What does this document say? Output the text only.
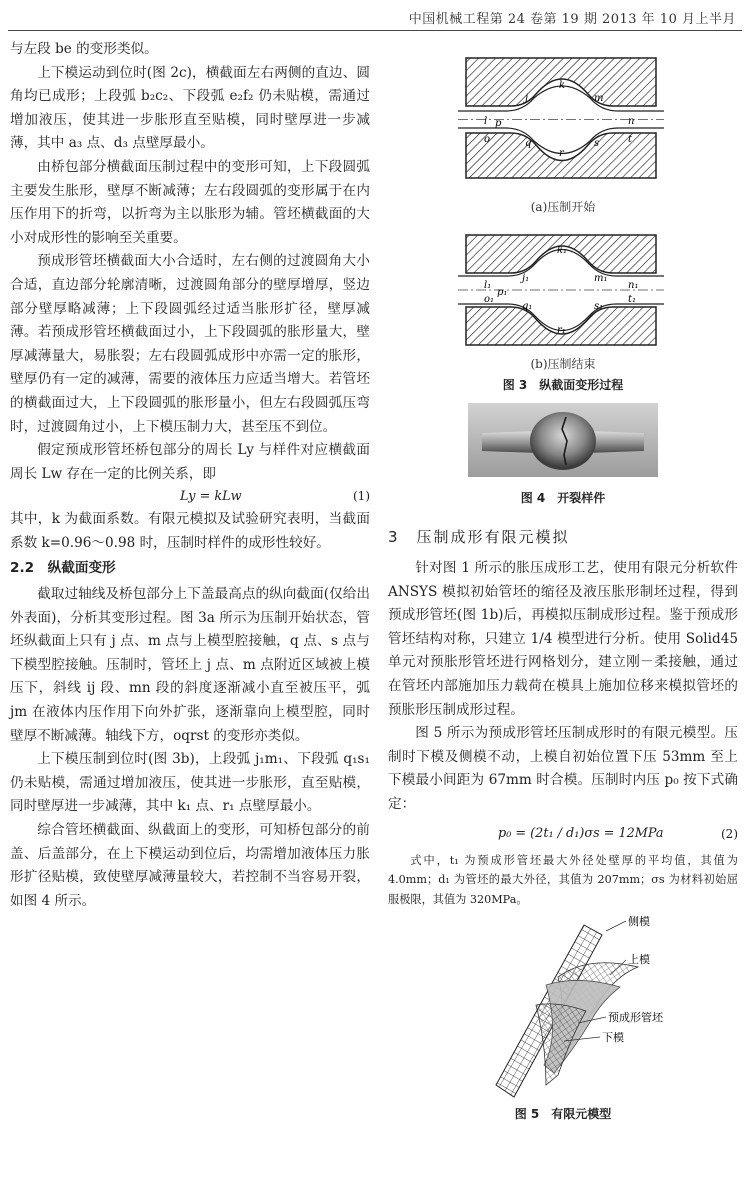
中国机械工程第 24 卷第 19 期 2013 年 10 月上半月

与左段 be 的变形类似。

上下模运动到位时(图 2c)，横截面左右两侧的直边、圆角均已成形；上段弧 b₂c₂、下段弧 e₂f₂ 仍未贴模，需通过增加液压，使其进一步胀形直至贴模，同时壁厚进一步减薄，其中 a₃ 点、d₃ 点壁厚最小。

由桥包部分横截面压制过程中的变形可知，上下段圆弧主要发生胀形，壁厚不断减薄；左右段圆弧的变形属于在内压作用下的折弯，以折弯为主以胀形为辅。管坯横截面的大小对成形性的影响至关重要。

预成形管坯横截面大小合适时，左右侧的过渡圆角大小合适，直边部分轮廓清晰，过渡圆角部分的壁厚增厚，竖边部分壁厚略减薄；上下段圆弧经过适当胀形扩径，壁厚减薄。若预成形管坯横截面过小，上下段圆弧的胀形量大，壁厚减薄量大，易胀裂；左右段圆弧成形中亦需一定的胀形，壁厚仍有一定的减薄，需要的液体压力应适当增大。若管坯的横截面过大，上下段圆弧的胀形量小，但左右段圆弧压弯时，过渡圆角过小，上下模压制力大，甚至压不到位。

假定预成形管坯桥包部分的周长 Ly 与样件对应横截面周长 Lw 存在一定的比例关系，即

Ly = kLw	(1)

其中，k 为截面系数。有限元模拟及试验研究表明，当截面系数 k=0.96～0.98 时，压制时样件的成形性较好。

2.2　纵截面变形

截取过轴线及桥包部分上下盖最高点的纵向截面(仅给出外表面)，分析其变形过程。图 3a 所示为压制开始状态，管坯纵截面上只有 j 点、m 点与上模型腔接触，q 点、s 点与下模型腔接触。压制时，管坯上 j 点、m 点附近区域被上模压下，斜线 ij 段、mn 段的斜度逐渐减小直至被压平，弧 jm 在液体内压作用下向外扩张，逐渐靠向上模型腔，同时壁厚不断减薄。轴线下方，oqrst 的变形亦类似。

上下模压制到位时(图 3b)，上段弧 j₁m₁、下段弧 q₁s₁ 仍未贴模，需通过增加液压，使其进一步胀形，直至贴模，同时壁厚进一步减薄，其中 k₁ 点、r₁ 点壁厚最小。

综合管坯横截面、纵截面上的变形，可知桥包部分的前盖、后盖部分，在上下模运动到位后，均需增加液体压力胀形扩径贴模，致使壁厚减薄量较大，若控制不当容易开裂，如图 4 所示。

l
j
k
m
n
o
p
q
r
s	t
(a)压制开始
l₁
j₁
k₁
m₁
n₁
o₁
p₁
q₁
r₁
s₁
t₁
(b)压制结束
图 3　纵截面变形过程
图 4　开裂样件

3　压制成形有限元模拟

针对图 1 所示的胀压成形工艺，使用有限元分析软件 ANSYS 模拟初始管坯的缩径及液压胀形制坯过程，得到预成形管坯(图 1b)后，再模拟压制成形过程。鉴于预成形管坯结构对称，只建立 1/4 模型进行分析。使用 Solid45 单元对预胀形管坯进行网格划分，建立刚－柔接触，通过在管坯内部施加压力载荷在模具上施加位移来模拟管坯的预胀形压制成形过程。

图 5 所示为预成形管坯压制成形时的有限元模型。压制时下模及侧模不动，上模自初始位置下压 53mm 至上下模最小间距为 67mm 时合模。压制时内压 p₀ 按下式确定：

p₀ = (2t₁ / d₁)σs = 12MPa	(2)

式中，t₁ 为预成形管坯最大外径处壁厚的平均值，其值为 4.0mm；d₁ 为管坯的最大外径，其值为 207mm；σs 为材料初始屈服极限，其值为 320MPa。

侧模
上模
预成形管坯
下模
图 5　有限元模型
